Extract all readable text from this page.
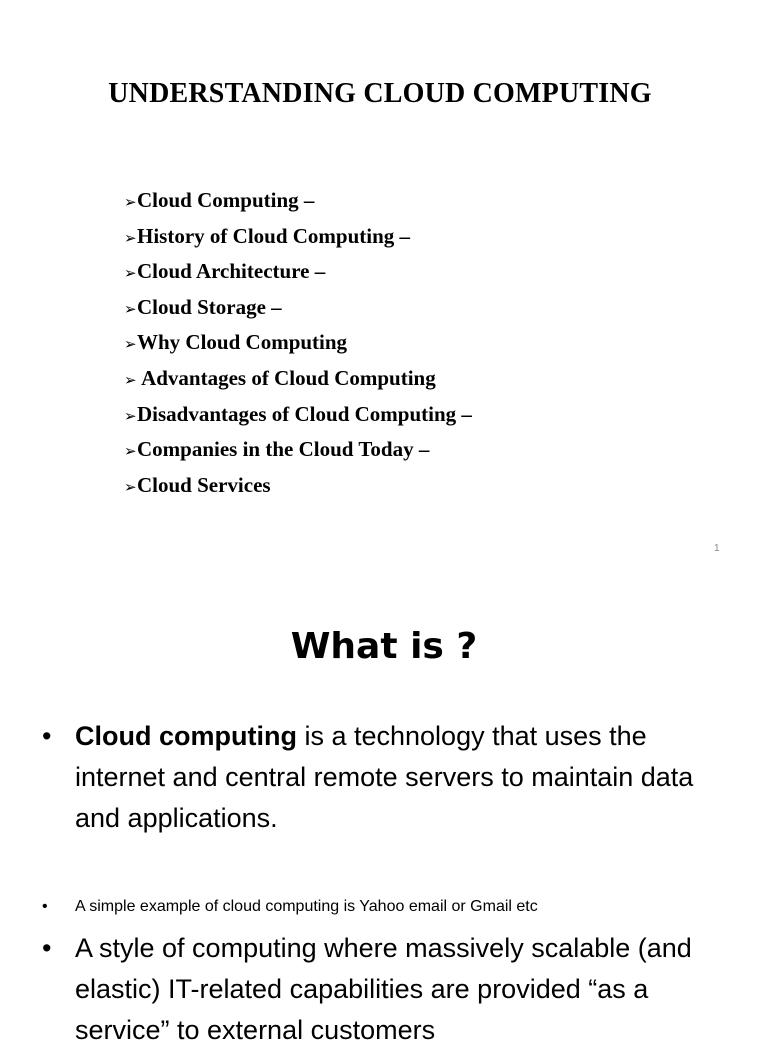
UNDERSTANDING CLOUD COMPUTING
➢ Cloud Computing –
➢ History of Cloud Computing –
➢ Cloud Architecture –
➢ Cloud Storage –
➢ Why Cloud Computing
➢ Advantages of Cloud Computing
➢ Disadvantages of Cloud Computing –
➢ Companies in the Cloud Today –
➢ Cloud Services
1
What is ?
• Cloud computing is a technology that uses the internet and central remote servers to maintain data and applications.
• A simple example of cloud computing is Yahoo email or Gmail etc
• A style of computing where massively scalable (and elastic) IT-related capabilities are provided “as a service” to external customers
